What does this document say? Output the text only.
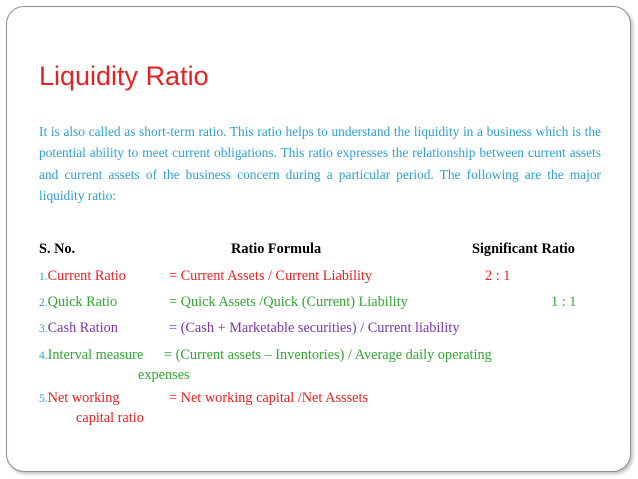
Liquidity Ratio
It is also called as short-term ratio. This ratio helps to understand the liquidity in a business which is the potential ability to meet current obligations. This ratio expresses the relationship between current assets and current assets of the business concern during a particular period. The following are the major liquidity ratio:
S. No.	Ratio Formula	Significant Ratio
1.Current Ratio	= Current Assets / Current Liability	2 : 1
2.Quick Ratio	= Quick Assets /Quick (Current) Liability	1 : 1
3.Cash Ration	= (Cash + Marketable securities) / Current liability
4.Interval measure = (Current assets – Inventories) / Average daily operating
expenses
5.Net working
capital ratio
= Net working capital /Net Asssets
